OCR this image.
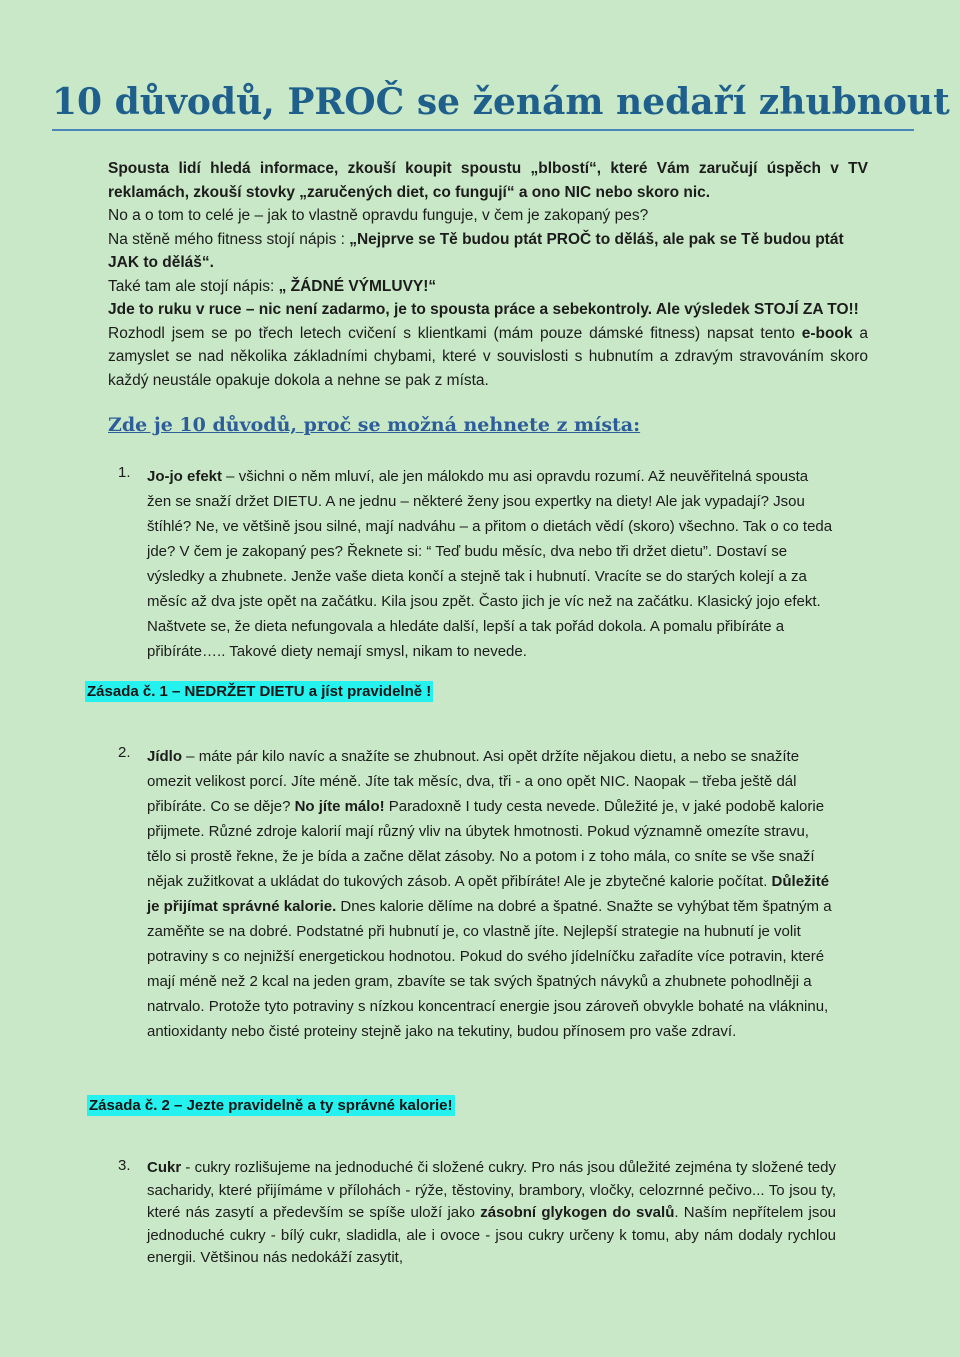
10 důvodů, PROČ se ženám nedaří zhubnout

Spousta lidí hledá informace, zkouší koupit spoustu „blbostí“, které Vám zaručují úspěch v TV reklamách, zkouší stovky „zaručených diet, co fungují“ a ono NIC nebo skoro nic.

No a o tom to celé je – jak to vlastně opravdu funguje, v čem je zakopaný pes?

Na stěně mého fitness stojí nápis : „Nejprve se Tě budou ptát PROČ to děláš, ale pak se Tě budou ptát JAK to děláš“.

Také tam ale stojí nápis: „ ŽÁDNÉ VÝMLUVY!“

Jde to ruku v ruce – nic není zadarmo, je to spousta práce a sebekontroly. Ale výsledek STOJÍ ZA TO!!

Rozhodl jsem se po třech letech cvičení s klientkami (mám pouze dámské fitness) napsat tento e-book a zamyslet se nad několika základními chybami, které v souvislosti s hubnutím a zdravým stravováním skoro každý neustále opakuje dokola a nehne se pak z místa.

Zde je 10 důvodů, proč se možná nehnete z místa:
1. Jo-jo efekt – všichni o něm mluví, ale jen málokdo mu asi opravdu rozumí. Až neuvěřitelná spousta žen se snaží držet DIETU. A ne jednu – některé ženy jsou expertky na diety! Ale jak vypadají? Jsou štíhlé? Ne, ve většině jsou silné, mají nadváhu – a přitom o dietách vědí (skoro) všechno. Tak o co teda jde? V čem je zakopaný pes? Řeknete si: “ Teď budu měsíc, dva nebo tři držet dietu”. Dostaví se výsledky a zhubnete. Jenže vaše dieta končí a stejně tak i hubnutí. Vracíte se do starých kolejí a za měsíc až dva jste opět na začátku. Kila jsou zpět. Často jich je víc než na začátku. Klasický jojo efekt. Naštvete se, že dieta nefungovala a hledáte další, lepší a tak pořád dokola. A pomalu přibíráte a přibíráte….. Takové diety nemají smysl, nikam to nevede.
Zásada č. 1 – NEDRŽET DIETU a jíst pravidelně !
2. Jídlo – máte pár kilo navíc a snažíte se zhubnout. Asi opět držíte nějakou dietu, a nebo se snažíte omezit velikost porcí. Jíte méně. Jíte tak měsíc, dva, tři - a ono opět NIC. Naopak – třeba ještě dál přibíráte. Co se děje? No jíte málo! Paradoxně I tudy cesta nevede. Důležité je, v jaké podobě kalorie přijmete. Různé zdroje kalorií mají různý vliv na úbytek hmotnosti. Pokud významně omezíte stravu, tělo si prostě řekne, že je bída a začne dělat zásoby. No a potom i z toho mála, co sníte se vše snaží nějak zužitkovat a ukládat do tukových zásob. A opět přibíráte! Ale je zbytečné kalorie počítat. Důležité je přijímat správné kalorie. Dnes kalorie dělíme na dobré a špatné. Snažte se vyhýbat těm špatným a zaměňte se na dobré. Podstatné při hubnutí je, co vlastně jíte. Nejlepší strategie na hubnutí je volit potraviny s co nejnižší energetickou hodnotou. Pokud do svého jídelníčku zařadíte více potravin, které mají méně než 2 kcal na jeden gram, zbavíte se tak svých špatných návyků a zhubnete pohodlněji a natrvalo. Protože tyto potraviny s nízkou koncentrací energie jsou zároveň obvykle bohaté na vlákninu, antioxidanty nebo čisté proteiny stejně jako na tekutiny, budou přínosem pro vaše zdraví.
Zásada č. 2 – Jezte pravidelně a ty správné kalorie!
3. Cukr - cukry rozlišujeme na jednoduché či složené cukry. Pro nás jsou důležité zejména ty složené tedy sacharidy, které přijímáme v přílohách - rýže, těstoviny, brambory, vločky, celozrnné pečivo... To jsou ty, které nás zasytí a především se spíše uloží jako zásobní glykogen do svalů. Naším nepřítelem jsou jednoduché cukry - bílý cukr, sladidla, ale i ovoce - jsou cukry určeny k tomu, aby nám dodaly rychlou energii. Většinou nás nedokáží zasytit,
